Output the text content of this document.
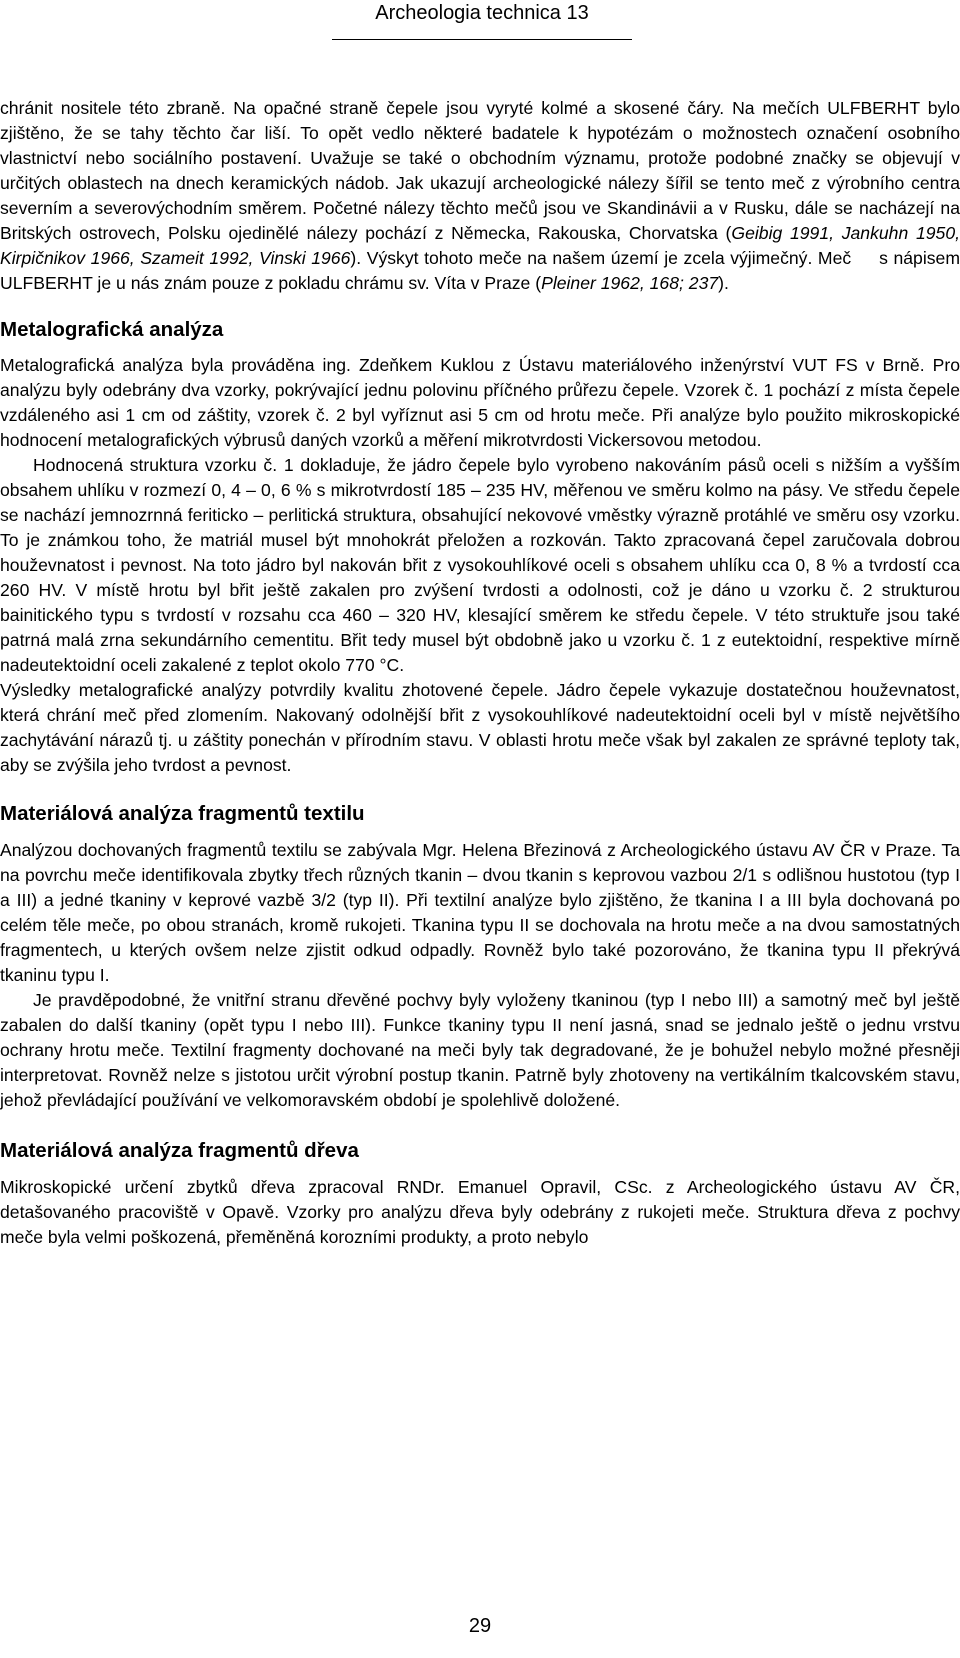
Archeologia technica 13

chránit nositele této zbraně. Na opačné straně čepele jsou vyryté kolmé a skosené čáry. Na mečích ULFBERHT bylo zjištěno, že se tahy těchto čar liší. To opět vedlo některé badatele k hypotézám o možnostech označení osobního vlastnictví nebo sociálního postavení. Uvažuje se také o obchodním významu, protože podobné značky se objevují v určitých oblastech na dnech keramických nádob. Jak ukazují archeologické nálezy šířil se tento meč z výrobního centra severním a severovýchodním směrem. Početné nálezy těchto mečů jsou ve Skandinávii a v Rusku, dále se nacházejí na Britských ostrovech, Polsku ojedinělé nálezy pochází z Německa, Rakouska, Chorvatska (Geibig 1991, Jankuhn 1950, Kirpičnikov 1966, Szameit 1992, Vinski 1966). Výskyt tohoto meče na našem území je zcela výjimečný. Meč     s nápisem ULFBERHT je u nás znám pouze z pokladu chrámu sv. Víta v Praze (Pleiner 1962, 168; 237).

Metalografická analýza

Metalografická analýza byla prováděna ing. Zdeňkem Kuklou z Ústavu materiálového inženýrství VUT FS v Brně. Pro analýzu byly odebrány dva vzorky, pokrývající jednu polovinu příčného průřezu čepele. Vzorek č. 1 pochází z místa čepele vzdáleného asi 1 cm od záštity, vzorek č. 2 byl vyříznut asi 5 cm od hrotu meče. Při analýze bylo použito mikroskopické hodnocení metalografických výbrusů daných vzorků a měření mikrotvrdosti Vickersovou metodou.

Hodnocená struktura vzorku č. 1 dokladuje, že jádro čepele bylo vyrobeno nakováním pásů oceli s nižším a vyšším obsahem uhlíku v rozmezí 0, 4 – 0, 6 % s mikrotvrdostí 185 – 235 HV, měřenou ve směru kolmo na pásy. Ve středu čepele se nachází jemnozrnná feriticko – perlitická struktura, obsahující nekovové vměstky výrazně protáhlé ve směru osy vzorku. To je známkou toho, že matriál musel být mnohokrát přeložen a rozkován. Takto zpracovaná čepel zaručovala dobrou houževnatost i pevnost. Na toto jádro byl nakován břit z vysokouhlíkové oceli s obsahem uhlíku cca 0, 8 % a tvrdostí cca 260 HV. V místě hrotu byl břit ještě zakalen pro zvýšení tvrdosti a odolnosti, což je dáno u vzorku č. 2 strukturou bainitického typu s tvrdostí v rozsahu cca 460 – 320 HV, klesající směrem ke středu čepele. V této struktuře jsou také patrná malá zrna sekundárního cementitu. Břit tedy musel být obdobně jako u vzorku č. 1 z eutektoidní, respektive mírně nadeutektoidní oceli zakalené z teplot okolo 770 °C.

Výsledky metalografické analýzy potvrdily kvalitu zhotovené čepele. Jádro čepele vykazuje dostatečnou houževnatost, která chrání meč před zlomením. Nakovaný odolnější břit z vysokouhlíkové nadeutektoidní oceli byl v místě největšího zachytávání nárazů tj. u záštity ponechán v přírodním stavu. V oblasti hrotu meče však byl zakalen ze správné teploty tak, aby se zvýšila jeho tvrdost a pevnost.

Materiálová analýza fragmentů textilu

Analýzou dochovaných fragmentů textilu se zabývala Mgr. Helena Březinová z Archeologického ústavu AV ČR v Praze. Ta na povrchu meče identifikovala zbytky třech různých tkanin – dvou tkanin s keprovou vazbou 2/1 s odlišnou hustotou (typ I a III) a jedné tkaniny v keprové vazbě 3/2 (typ II). Při textilní analýze bylo zjištěno, že tkanina I a III byla dochovaná po celém těle meče, po obou stranách, kromě rukojeti. Tkanina typu II se dochovala na hrotu meče a na dvou samostatných fragmentech, u kterých ovšem nelze zjistit odkud odpadly. Rovněž bylo také pozorováno, že tkanina typu II překrývá tkaninu typu I.

Je pravděpodobné, že vnitřní stranu dřevěné pochvy byly vyloženy tkaninou (typ I nebo III) a samotný meč byl ještě zabalen do další tkaniny (opět typu I nebo III). Funkce tkaniny typu II není jasná, snad se jednalo ještě o jednu vrstvu ochrany hrotu meče. Textilní fragmenty dochované na meči byly tak degradované, že je bohužel nebylo možné přesněji interpretovat. Rovněž nelze s jistotou určit výrobní postup tkanin. Patrně byly zhotoveny na vertikálním tkalcovském stavu, jehož převládající používání ve velkomoravském období je spolehlivě doložené.

Materiálová analýza fragmentů dřeva

Mikroskopické určení zbytků dřeva zpracoval RNDr. Emanuel Opravil, CSc. z Archeologického ústavu AV ČR, detašovaného pracoviště v Opavě. Vzorky pro analýzu dřeva byly odebrány z rukojeti meče. Struktura dřeva z pochvy meče byla velmi poškozená, přeměněná korozními produkty, a proto nebylo

29
